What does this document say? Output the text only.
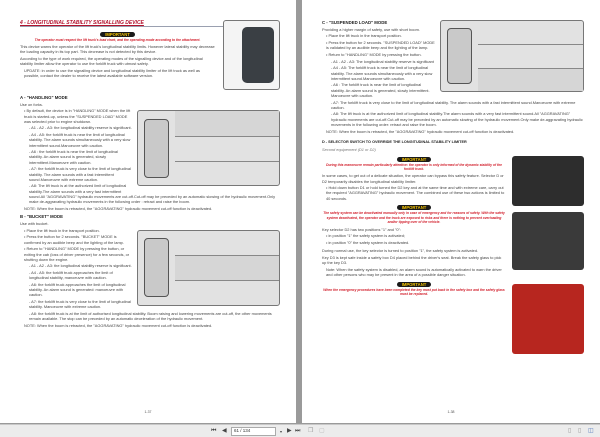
4 - LONGITUDINAL STABILITY SIGNALLING DEVICE
IMPORTANT
The operator must respect the lift truck's load chart, and the operating mode according to the attachment.
This device warns the operator of the lift truck's longitudinal stability limits. However lateral stability may decrease the loading capacity in its top part. This decrease is not detected by this device.
According to the type of work required, the operating modes of the signalling device and of the longitudinal stability limiter allow the operator to use the forklift truck with utmost safety.
UPDATE: in order to use the signalling device and longitudinal stability limiter of the lift truck as well as possible, contact the dealer to receive the latest available software version.
A - "HANDLING" MODE
Use on forks.
• By default, the device is in "HANDLING" MODE when the lift truck is started-up, unless the "SUSPENDED LOAD" MODE was selected prior to engine shutdown.
- A1 - A2 - A3: the longitudinal stability reserve is significant.
- A4 - A5: the forklift truck is near the limit of longitudinal stability. The alarm sounds simultaneously with a very slow intermittent sound.Manoeuvre with caution.
- A6 : the forklift truck is near the limit of longitudinal stability. An alarm sound is generated, slowly intermittent.Manoeuvre with caution.
- A7: the forklift truck is very close to the limit of longitudinal stability. The alarm sounds with a fast intermittent sound.Manoeuvre with extreme caution.
- A8: The lift truck is at the authorized limit of longitudinal stability.The alarm sounds with a very fast intermittent sound.All "AGGRAVATING" hydraulic movements are cut-off.Cut-off may be preceded by an automatic slowing of the hydraulic movement.Only make de-aggravating hydraulic movements in the following order : retract and raise the boom.
NOTE: When the boom is retracted, the "AGGRAVATING" hydraulic movement cut-off function is deactivated.
B - "BUCKET" MODE
Use with bucket.
• Place the lift truck in the transport position.
• Press the button for 2 seconds. "BUCKET" MODE is confirmed by an audible beep and the lighting of the lamp.
• Return to "HANDLING" MODE by pressing the button, or exiting the cab (loss of driver presence) for a few seconds, or shutting down the engine.
- A1 - A2 - A3: the longitudinal stability reserve is significant.
- A4 - A5: the forklift truck approaches the limit of longitudinal stability, manoeuvre with caution.
- A6: the forklift truck approaches the limit of longitudinal stability. An alarm sound is generated: manoeuvre with caution.
- A7: the forklift truck is very close to the limit of longitudinal stability. Manoeuvre with extreme caution.
- A8: the forklift truck is at the limit of authorised longitudinal stability. Boom raising and lowering movements are cut-off, the other movements remain available. The stop can be preceded by an automatic deceleration of the hydraulic movement.
NOTE: When the boom is retracted, the "AGGRAVATING" hydraulic movement cut-off function is deactivated.
1-37
C - "SUSPENDED LOAD" MODE
Providing a higher margin of safety, use with short boom.
• Place the lift truck in the transport position.
• Press the button for 2 seconds. "SUSPENDED LOAD" MODE is validated by an audible beep and the lighting of the lamp.
• Return to "HANDLING" MODE by pressing the button.
- A1 - A2 - A3: The longitudinal stability reserve is significant
- A4 - A5: The forklift truck is near the limit of longitudinal stability. The alarm sounds simultaneously with a very slow intermittent sound.Manoeuvre with caution.
- A6 : The forklift truck is near the limit of longitudinal stability. An alarm sound is generated, slowly intermittent. Manoeuvre with caution.
- A7: The forklift truck is very close to the limit of longitudinal stability. The alarm sounds with a fast intermittent sound.Manoeuvre with extreme caution.
- A8: The lift truck is at the authorized limit of longitudinal stability.The alarm sounds with a very fast intermittent sound.All "AGGRAVATING" hydraulic movements are cut-off.Cut-off may be preceded by an automatic slowing of the hydraulic movement.Only make de-aggravating hydraulic movements in the following order: retract and raise the boom.
NOTE: When the boom is retracted, the "AGGRAVATING" hydraulic movement cut-off function is deactivated.
D - SELECTOR SWITCH TO OVERRIDE THE LONGITUDINAL STABILITY LIMITER
Second equipement (D1 or D2)
IMPORTANT
During this manoeuvre remain particularly attentive: the operator is only informed of the dynamic stability of the forklift truck.
In some cases, to get out of a delicate situation, the operator can bypass this safety feature. Selector D or D2 temporarily disables the longitudinal stability limiter.
• Hold down button D1 or hold turned the D2 key and at the same time and with extreme care, carry out the required "AGGRAVATING" hydraulic movement. The combined use of these two actions is limited to 40 seconds.
IMPORTANT
The safety system can be deactivated manually only in case of emergency and for reasons of safety. With the safety system deactivated, the operator and the truck are exposed to risks and there is nothing to prevent overloading and/or tipping over of the vehicle.
Key selector D2 has two positions "1" and "0":
• in position "1" the safety system is activated;
• in position "0" the safety system is deactivated.
During normal use, the key selector is turned to position "1", the safety system is activated.
Key D3 is kept safe inside a safety box D4 placed behind the driver's seat. Break the safety glass to pick up the key D3.
Note: When the safety system is disabled, an alarm sound is automatically activated to warn the driver and other persons who may be present in the area of a possible danger situation.
IMPORTANT
When the emergency procedures have been completed the key must put back in the safety box and the safety glass must be replaced.
1-38
⏮ ◀	61 / 134	▾ ▶ ⏭ ❐ ▢	▯ ▯ ◫
